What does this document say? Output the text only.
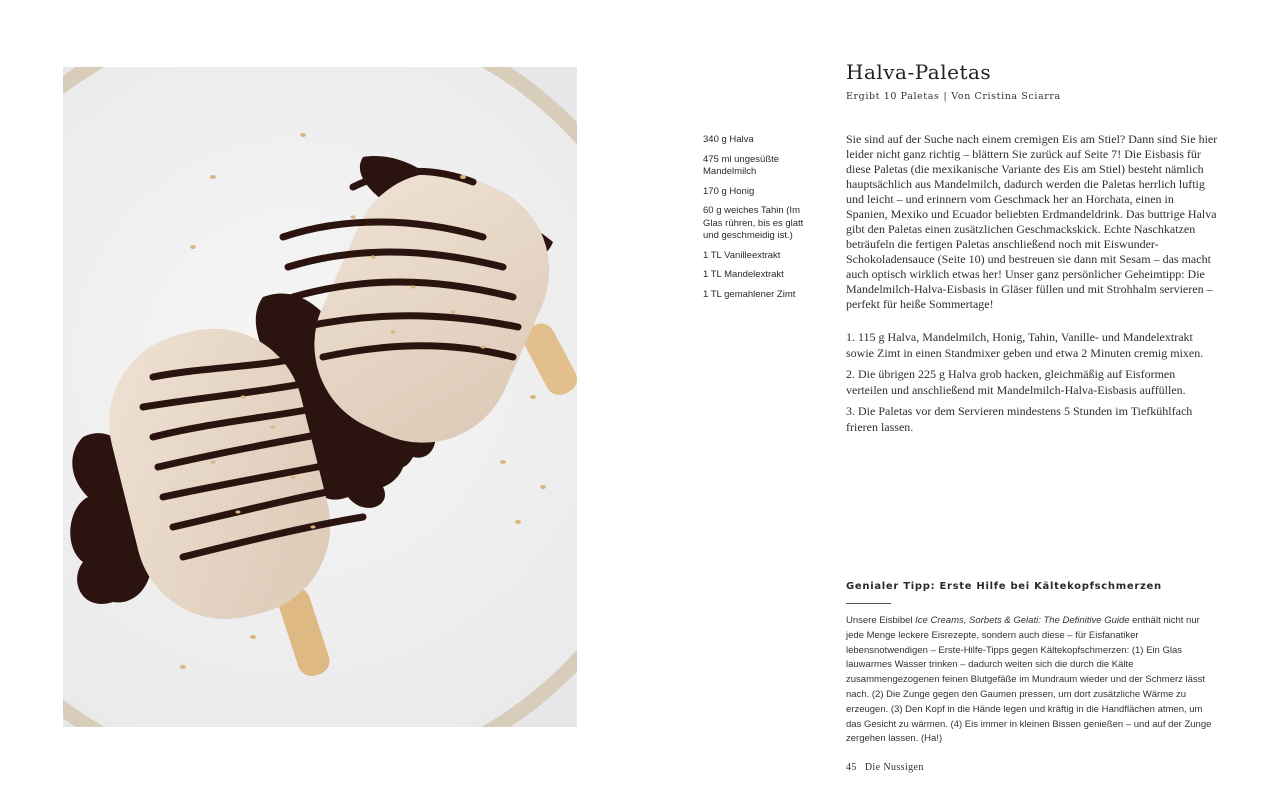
Halva-Paletas
Ergibt 10 Paletas | Von Cristina Sciarra
340 g Halva
475 ml ungesüßte Mandelmilch
170 g Honig
60 g weiches Tahin (Im Glas rühren, bis es glatt und geschmeidig ist.)
1 TL Vanilleextrakt
1 TL Mandelextrakt
1 TL gemahlener Zimt

Sie sind auf der Suche nach einem cremigen Eis am Stiel? Dann sind Sie hier leider nicht ganz richtig – blättern Sie zurück auf Seite 7! Die Eisbasis für diese Paletas (die mexikanische Variante des Eis am Stiel) besteht nämlich hauptsächlich aus Mandelmilch, dadurch werden die Paletas herrlich luftig und leicht – und erinnern vom Geschmack her an Horchata, einen in Spanien, Mexiko und Ecuador beliebten Erdmandeldrink. Das buttrige Halva gibt den Paletas einen zusätzlichen Geschmackskick. Echte Naschkatzen beträufeln die fertigen Paletas anschließend noch mit Eiswunder-Schokoladensauce (Seite 10) und bestreuen sie dann mit Sesam – das macht auch optisch wirklich etwas her! Unser ganz persönlicher Geheimtipp: Die Mandelmilch-Halva-Eisbasis in Gläser füllen und mit Strohhalm servieren – perfekt für heiße Sommertage!

1. 115 g Halva, Mandelmilch, Honig, Tahin, Vanille- und Mandelextrakt sowie Zimt in einen Standmixer geben und etwa 2 Minuten cremig mixen.
2. Die übrigen 225 g Halva grob hacken, gleichmäßig auf Eisformen verteilen und anschließend mit Mandelmilch-Halva-Eisbasis auffüllen.
3. Die Paletas vor dem Servieren mindestens 5 Stunden im Tiefkühlfach frieren lassen.
Genialer Tipp: Erste Hilfe bei Kältekopfschmerzen

Unsere Eisbibel Ice Creams, Sorbets & Gelati: The Definitive Guide enthält nicht nur jede Menge leckere Eisrezepte, sondern auch diese – für Eisfanatiker lebensnotwendigen – Erste-Hilfe-Tipps gegen Kältekopfschmerzen: (1) Ein Glas lauwarmes Wasser trinken – dadurch weiten sich die durch die Kälte zusammengezogenen feinen Blutgefäße im Mundraum wieder und der Schmerz lässt nach. (2) Die Zunge gegen den Gaumen pressen, um dort zusätzliche Wärme zu erzeugen. (3) Den Kopf in die Hände legen und kräftig in die Handflächen atmen, um das Gesicht zu wärmen. (4) Eis immer in kleinen Bissen genießen – und auf der Zunge zergehen lassen. (Ha!)

45 Die Nussigen
